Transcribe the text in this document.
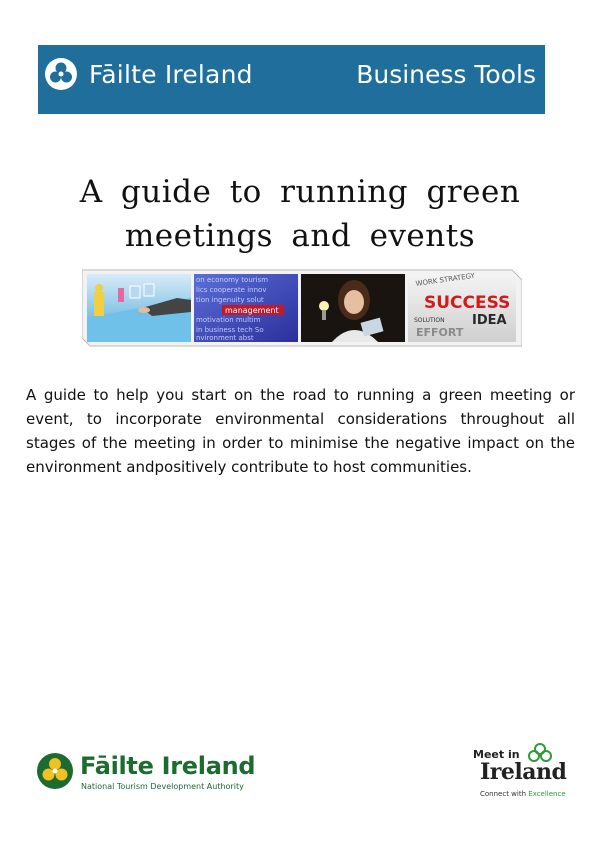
Fāilte Ireland	Business Tools
A guide to running green
meetings and events
on economy tourism
lics cooperate innov
tion ingenuity solut
motivation multim
in business tech So
nvironment abst
management
WORK STRATEGY
SUCCESS
IDEA
SOLUTION
EFFORT
A guide to help you start on the road to running a green meeting or event, to incorporate environmental considerations throughout all stages of the meeting in order to minimise the negative impact on the environment andpositively contribute to host communities.
Fāilte Ireland
National Tourism Development Authority
Meet in
Ireland
Connect with Excellence
